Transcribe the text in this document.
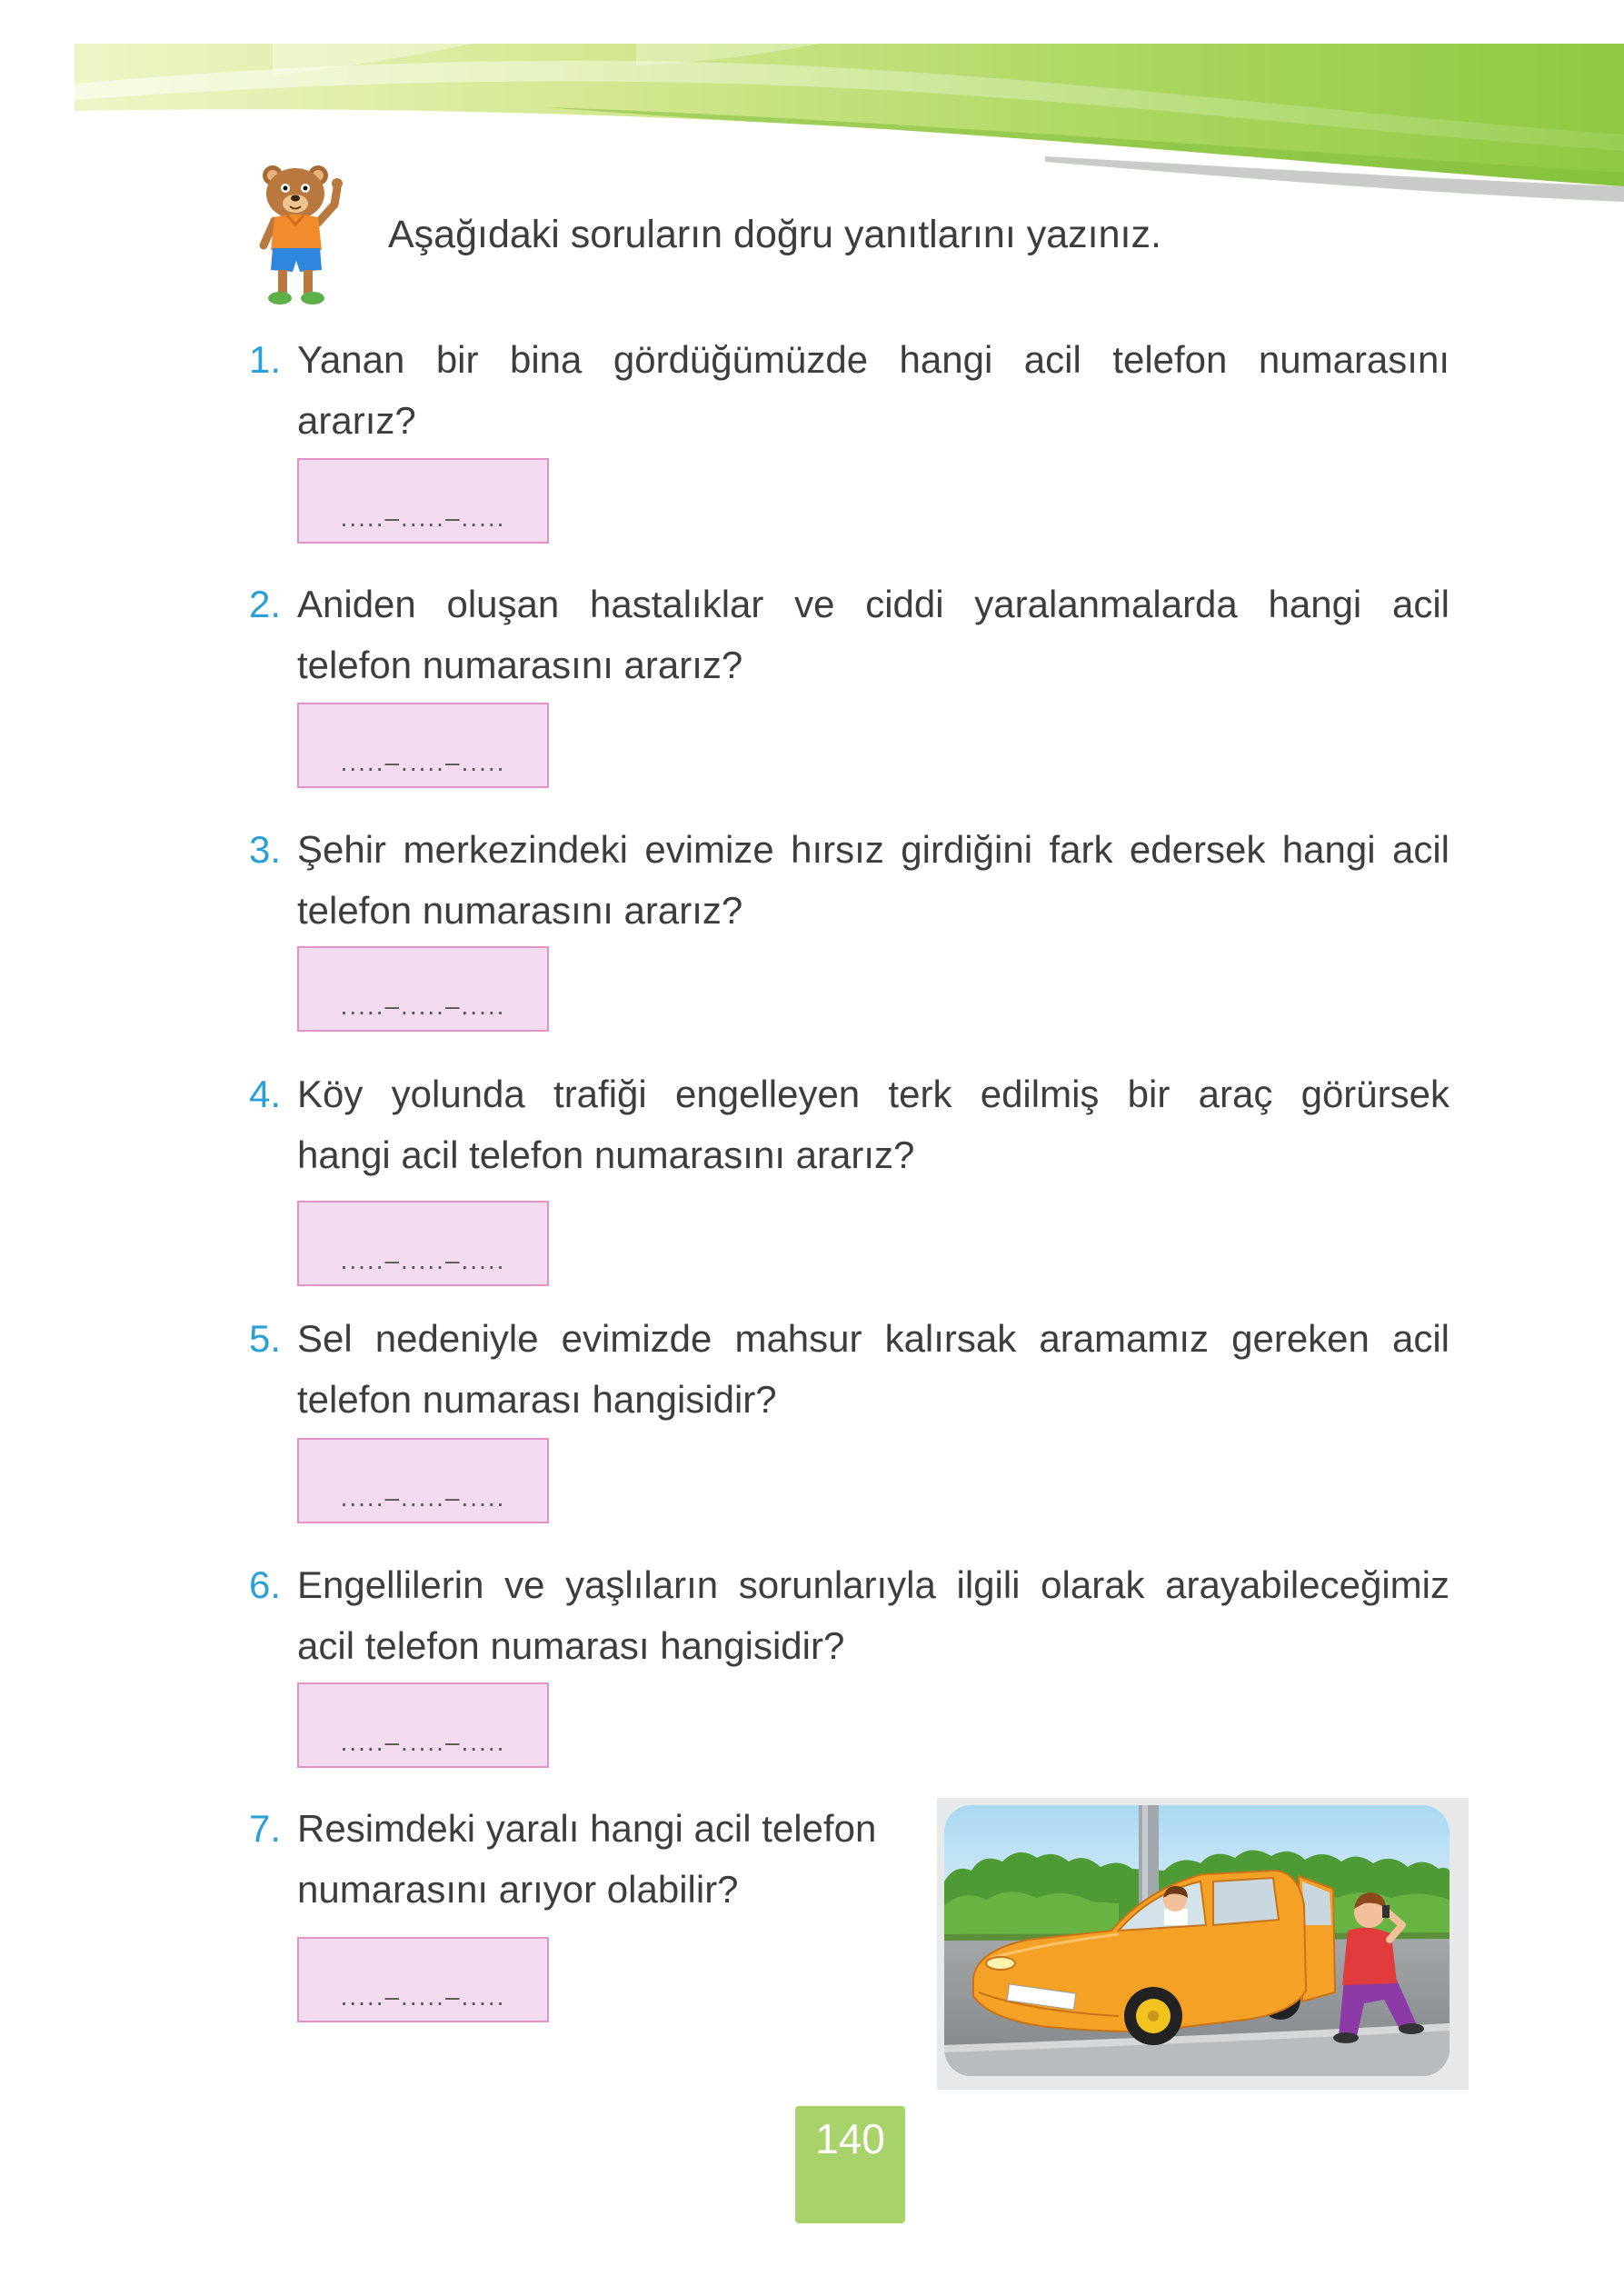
Aşağıdaki soruların doğru yanıtlarını yazınız.
1. Yanan bir bina gördüğümüzde hangi acil telefon numarasını
ararız?
.....–.....–.....
2. Aniden oluşan hastalıklar ve ciddi yaralanmalarda hangi acil
telefon numarasını ararız?
.....–.....–.....
3. Şehir merkezindeki evimize hırsız girdiğini fark edersek hangi acil
telefon numarasını ararız?
.....–.....–.....
4. Köy yolunda trafiği engelleyen terk edilmiş bir araç görürsek
hangi acil telefon numarasını ararız?
.....–.....–.....
5. Sel nedeniyle evimizde mahsur kalırsak aramamız gereken acil
telefon numarası hangisidir?
.....–.....–.....
6. Engellilerin ve yaşlıların sorunlarıyla ilgili olarak arayabileceğimiz
acil telefon numarası hangisidir?
.....–.....–.....
7. Resimdeki yaralı hangi acil telefon
numarasını arıyor olabilir?
.....–.....–.....
140
